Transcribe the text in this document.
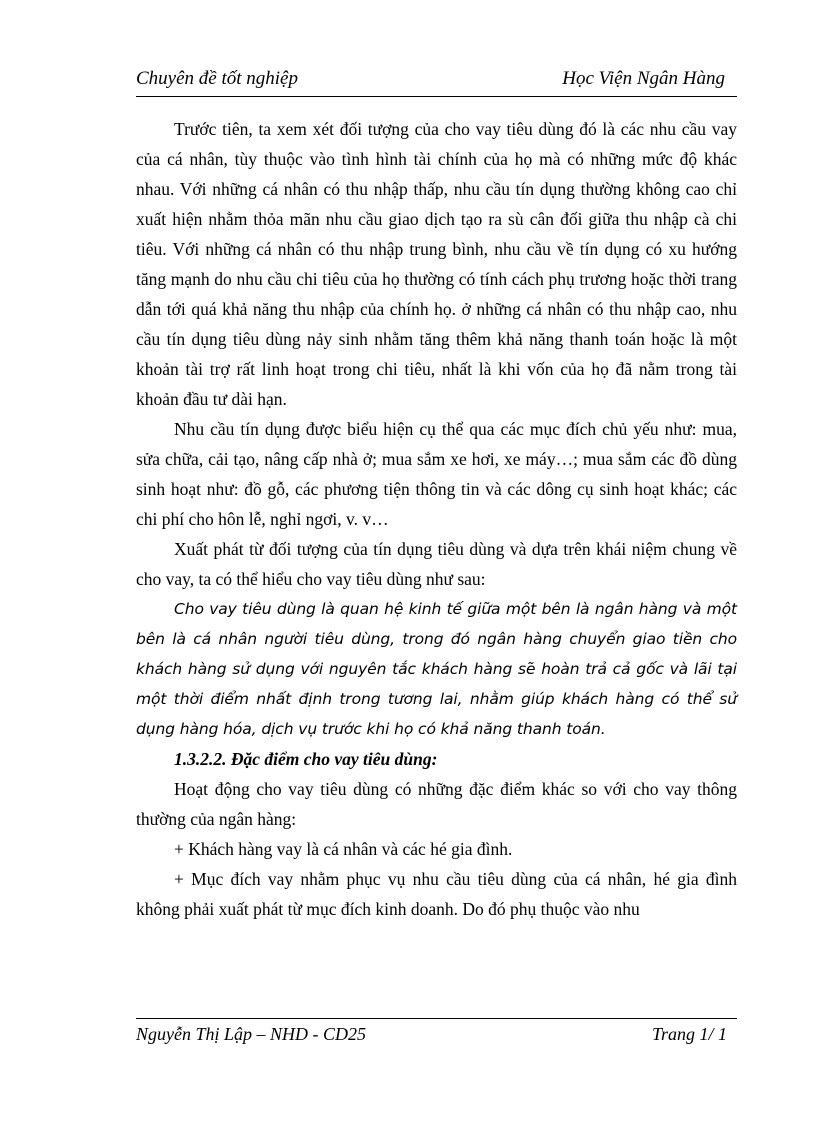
Chuyên đề tốt nghiệp	Học Viện Ngân Hàng

Trước tiên, ta xem xét đối tượng của cho vay tiêu dùng đó là các nhu cầu vay của cá nhân, tùy thuộc vào tình hình tài chính của họ mà có những mức độ khác nhau. Với những cá nhân có thu nhập thấp, nhu cầu tín dụng thường không cao chỉ xuất hiện nhằm thỏa mãn nhu cầu giao dịch tạo ra sù cân đối giữa thu nhập cà chi tiêu. Với những cá nhân có thu nhập trung bình, nhu cầu về tín dụng có xu hướng tăng mạnh do nhu cầu chi tiêu của họ thường có tính cách phụ trương hoặc thời trang dẫn tới quá khả năng thu nhập của chính họ. ở những cá nhân có thu nhập cao, nhu cầu tín dụng tiêu dùng nảy sinh nhằm tăng thêm khả năng thanh toán hoặc là một khoản tài trợ rất linh hoạt trong chi tiêu, nhất là khi vốn của họ đã nằm trong tài khoản đầu tư dài hạn.

Nhu cầu tín dụng được biểu hiện cụ thể qua các mục đích chủ yếu như: mua, sửa chữa, cải tạo, nâng cấp nhà ở; mua sắm xe hơi, xe máy…; mua sắm các đồ dùng sinh hoạt như: đồ gỗ, các phương tiện thông tin và các dông cụ sinh hoạt khác; các chi phí cho hôn lễ, nghỉ ngơi, v. v…

Xuất phát từ đối tượng của tín dụng tiêu dùng và dựa trên khái niệm chung về cho vay, ta có thể hiểu cho vay tiêu dùng như sau:

Cho vay tiêu dùng là quan hệ kinh tế giữa một bên là ngân hàng và một bên là cá nhân người tiêu dùng, trong đó ngân hàng chuyển giao tiền cho khách hàng sử dụng với nguyên tắc khách hàng sẽ hoàn trả cả gốc và lãi tại một thời điểm nhất định trong tương lai, nhằm giúp khách hàng có thể sử dụng hàng hóa, dịch vụ trước khi họ có khả năng thanh toán.

1.3.2.2. Đặc điểm cho vay tiêu dùng:

Hoạt động cho vay tiêu dùng có những đặc điểm khác so với cho vay thông thường của ngân hàng:

+ Khách hàng vay là cá nhân và các hé gia đình.

+ Mục đích vay nhằm phục vụ nhu cầu tiêu dùng của cá nhân, hé gia đình không phải xuất phát từ mục đích kinh doanh. Do đó phụ thuộc vào nhu

Nguyễn Thị Lập – NHD - CD25	Trang 1/ 1
